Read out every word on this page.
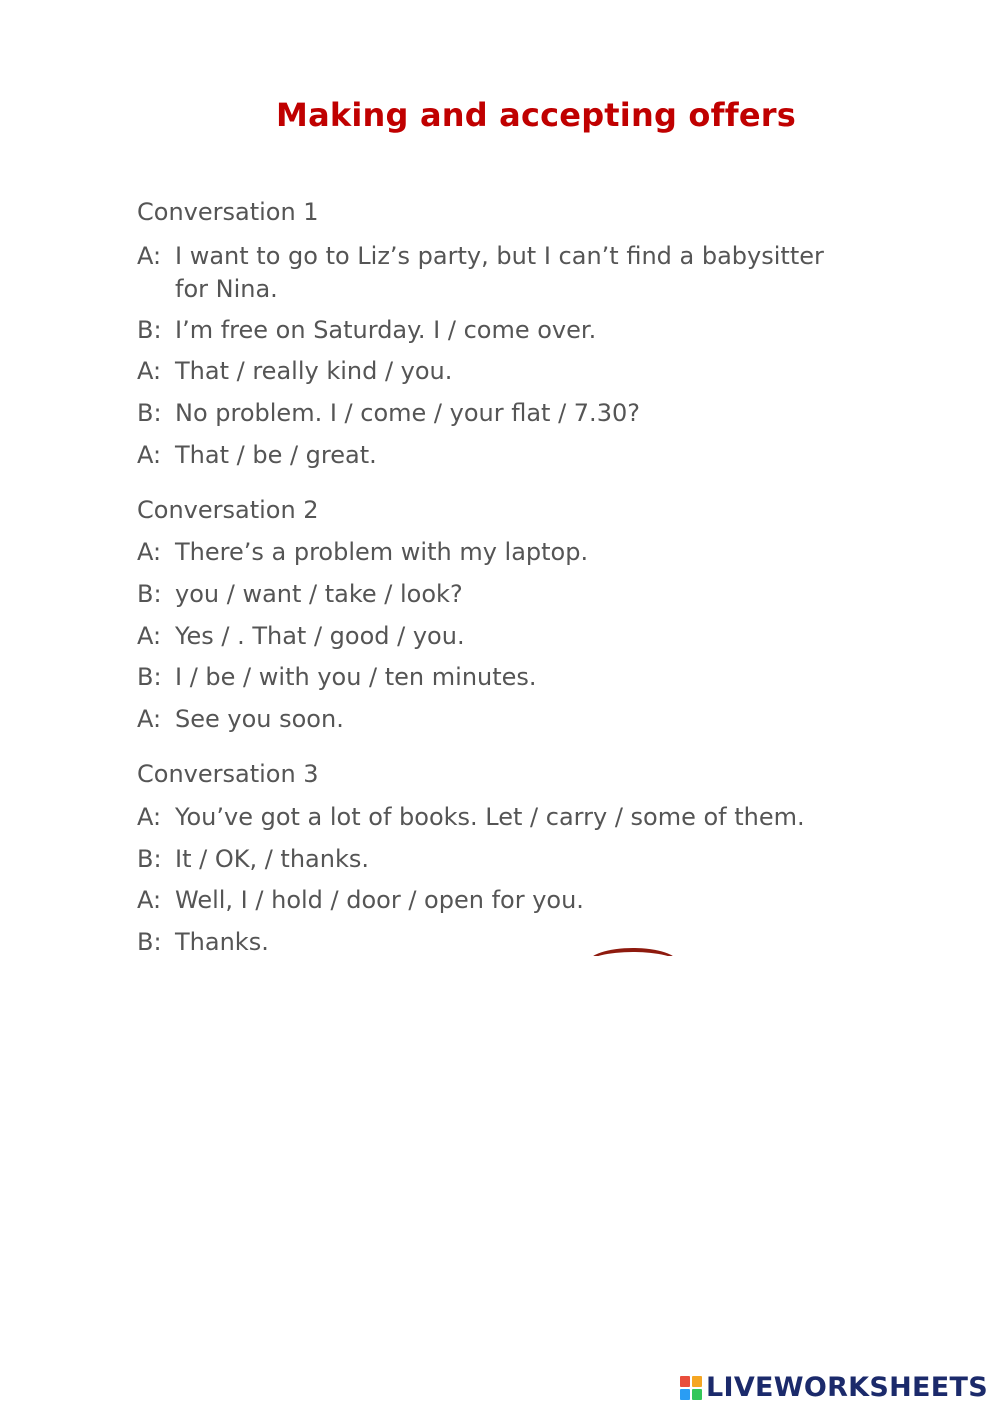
Making and accepting offers
Conversation 1
A: I want to go to Liz’s party, but I can’t find a babysitter for Nina.
B: I’m free on Saturday. I / come over.
A: That / really kind / you.
B: No problem. I / come / your flat / 7.30?
A: That / be / great.
Conversation 2
A: There’s a problem with my laptop.
B: you / want / take / look?
A: Yes / . That / good / you.
B: I / be / with you / ten minutes.
A: See you soon.
Conversation 3
A: You’ve got a lot of books. Let / carry / some of them.
B: It / OK, / thanks.
A: Well, I / hold / door / open for you.
B: Thanks.
LIVEWORKSHEETS
